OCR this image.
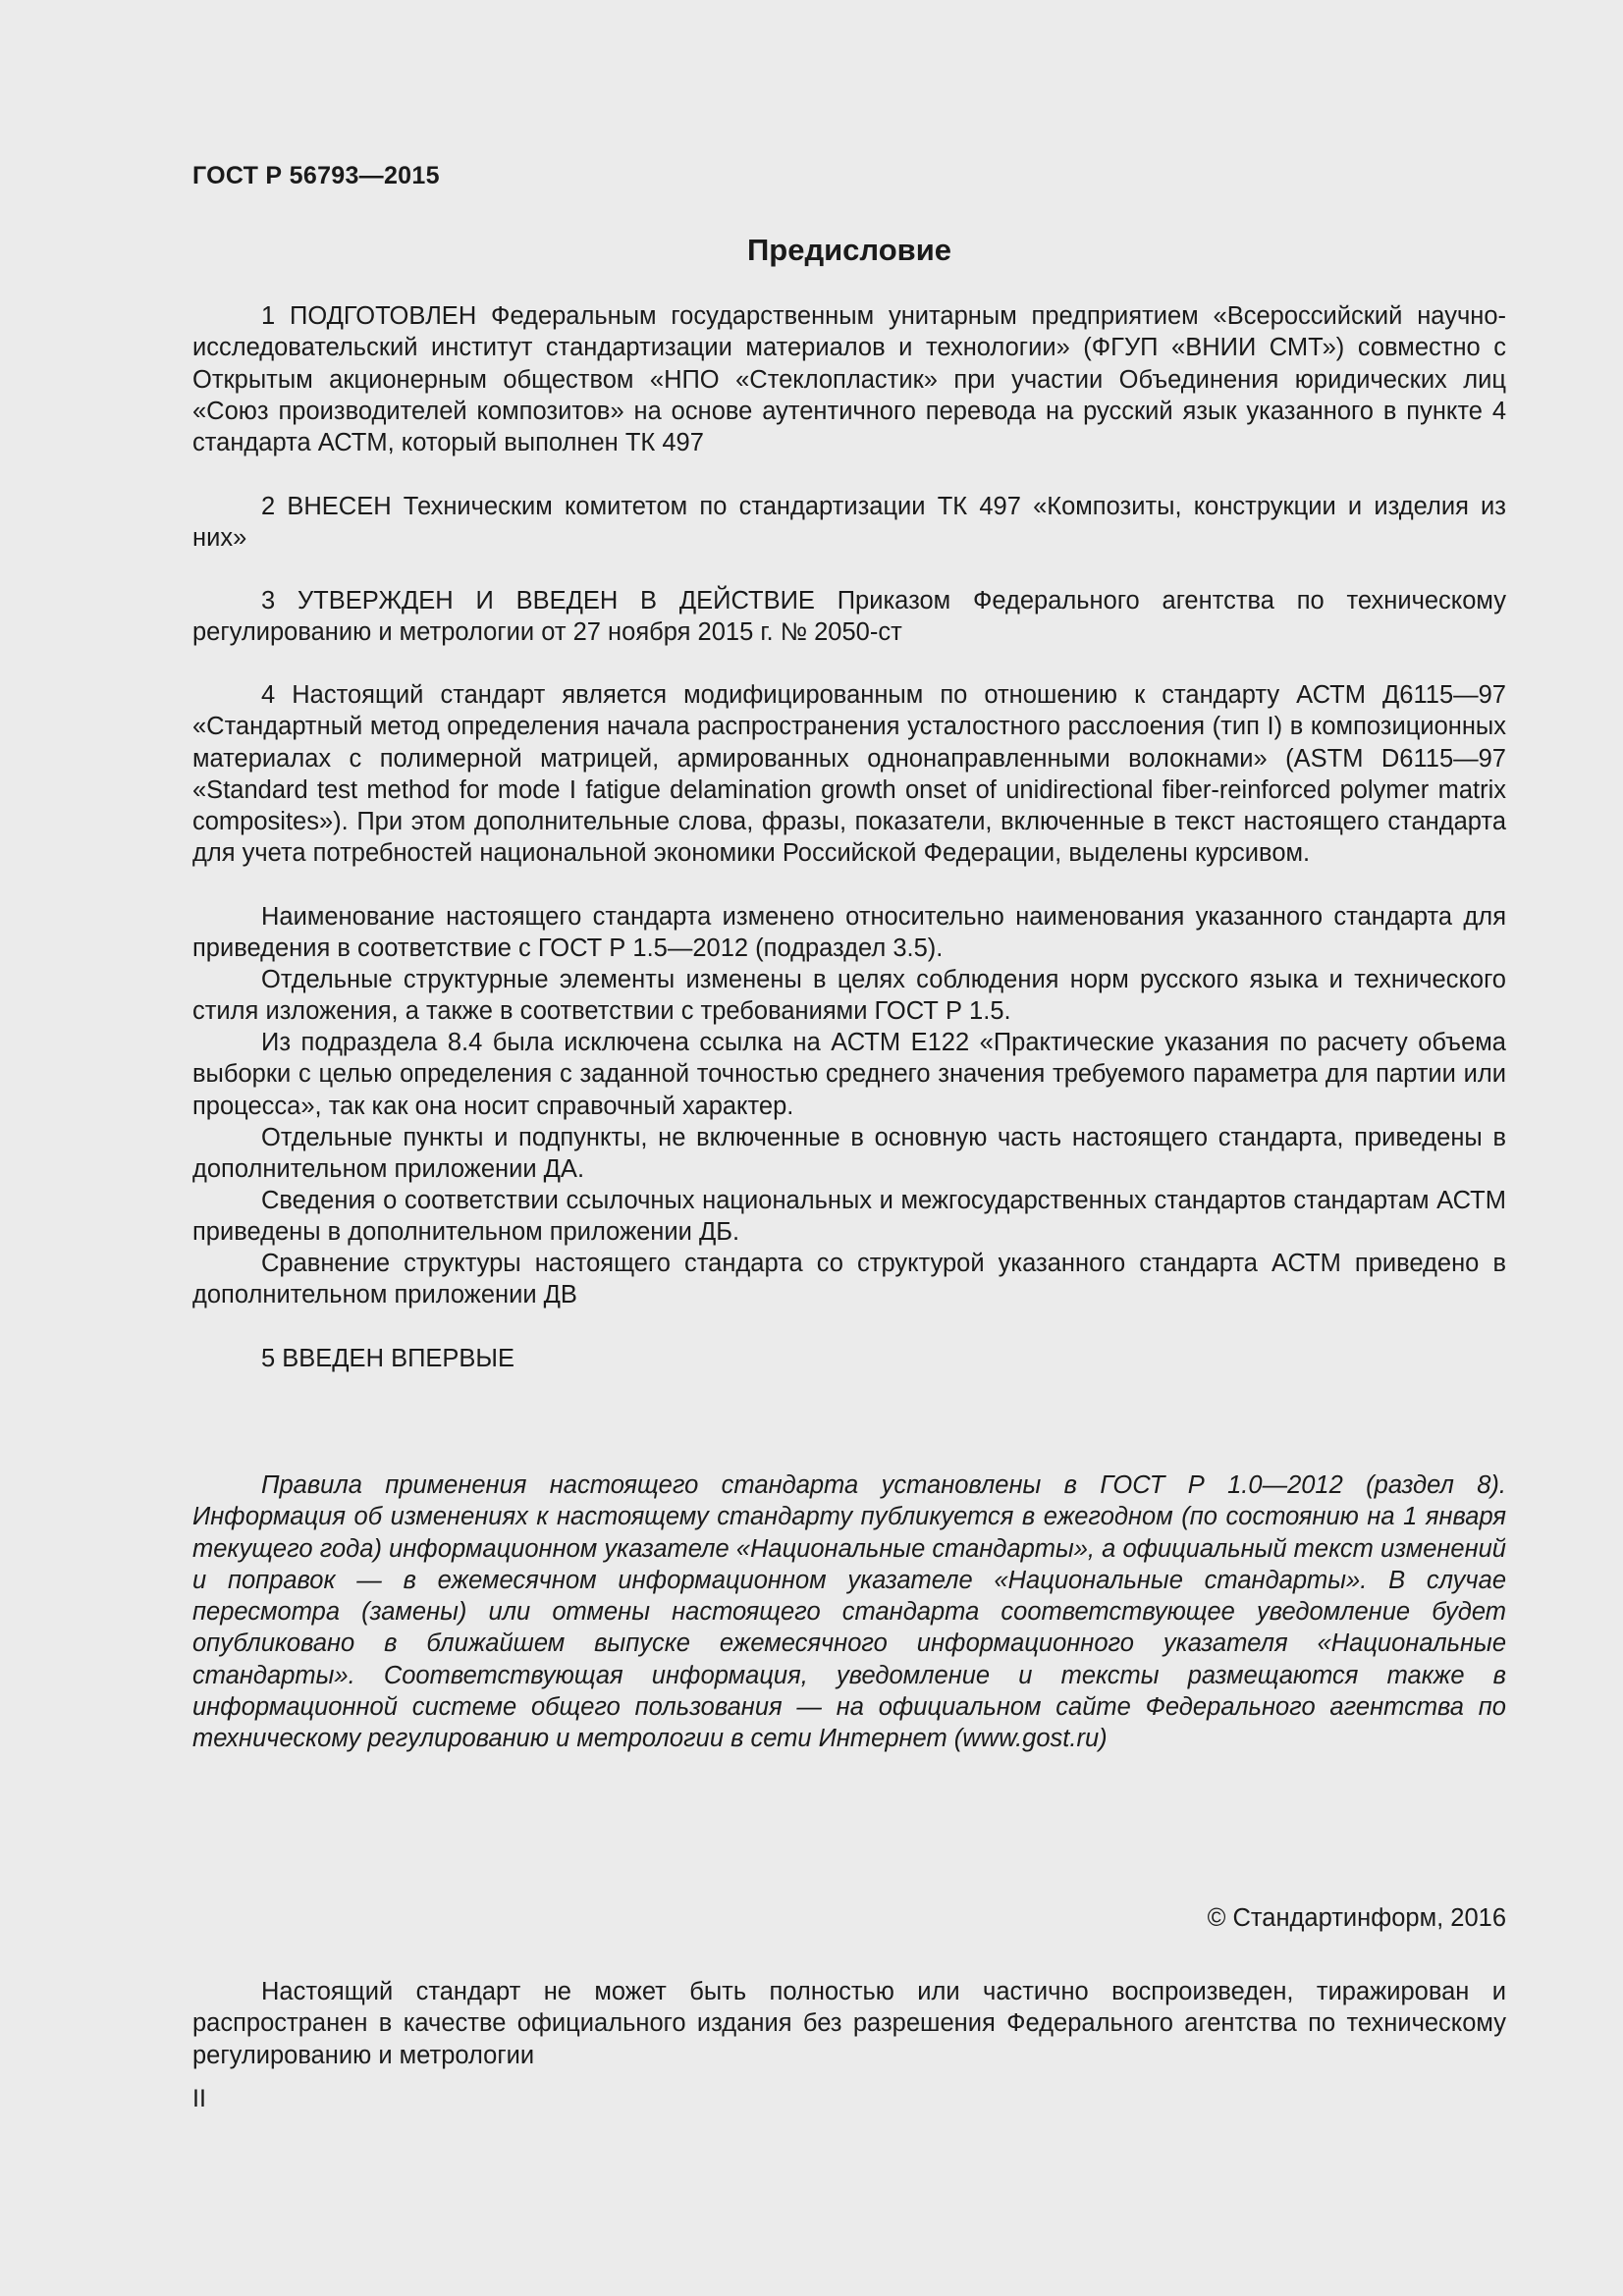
ГОСТ Р 56793—2015
Предисловие

1 ПОДГОТОВЛЕН Федеральным государственным унитарным предприятием «Всероссийский научно-исследовательский институт стандартизации материалов и технологии» (ФГУП «ВНИИ СМТ») совместно с Открытым акционерным обществом «НПО «Стеклопластик» при участии Объединения юридических лиц «Союз производителей композитов» на основе аутентичного перевода на русский язык указанного в пункте 4 стандарта АСТМ, который выполнен ТК 497

2 ВНЕСЕН Техническим комитетом по стандартизации ТК 497 «Композиты, конструкции и изделия из них»

3 УТВЕРЖДЕН И ВВЕДЕН В ДЕЙСТВИЕ Приказом Федерального агентства по техническому регулированию и метрологии от 27 ноября 2015 г. № 2050-ст

4 Настоящий стандарт является модифицированным по отношению к стандарту АСТМ Д6115—97 «Стандартный метод определения начала распространения усталостного расслоения (тип I) в композиционных материалах с полимерной матрицей, армированных однонаправленными волокнами» (ASTM D6115—97 «Standard test method for mode I fatigue delamination growth onset of unidirectional fiber-reinforced polymer matrix composites»). При этом дополнительные слова, фразы, показатели, включенные в текст настоящего стандарта для учета потребностей национальной экономики Российской Федерации, выделены курсивом.

Наименование настоящего стандарта изменено относительно наименования указанного стандарта для приведения в соответствие с ГОСТ Р 1.5—2012 (подраздел 3.5).

Отдельные структурные элементы изменены в целях соблюдения норм русского языка и технического стиля изложения, а также в соответствии с требованиями ГОСТ Р 1.5.

Из подраздела 8.4 была исключена ссылка на АСТМ Е122 «Практические указания по расчету объема выборки с целью определения с заданной точностью среднего значения требуемого параметра для партии или процесса», так как она носит справочный характер.

Отдельные пункты и подпункты, не включенные в основную часть настоящего стандарта, приведены в дополнительном приложении ДА.

Сведения о соответствии ссылочных национальных и межгосударственных стандартов стандартам АСТМ приведены в дополнительном приложении ДБ.

Сравнение структуры настоящего стандарта со структурой указанного стандарта АСТМ приведено в дополнительном приложении ДВ

5 ВВЕДЕН ВПЕРВЫЕ

Правила применения настоящего стандарта установлены в ГОСТ Р 1.0—2012 (раздел 8). Информация об изменениях к настоящему стандарту публикуется в ежегодном (по состоянию на 1 января текущего года) информационном указателе «Национальные стандарты», а официальный текст изменений и поправок — в ежемесячном информационном указателе «Национальные стандарты». В случае пересмотра (замены) или отмены настоящего стандарта соответствующее уведомление будет опубликовано в ближайшем выпуске ежемесячного информационного указателя «Национальные стандарты». Соответствующая информация, уведомление и тексты размещаются также в информационной системе общего пользования — на официальном сайте Федерального агентства по техническому регулированию и метрологии в сети Интернет (www.gost.ru)

© Стандартинформ, 2016

Настоящий стандарт не может быть полностью или частично воспроизведен, тиражирован и распространен в качестве официального издания без разрешения Федерального агентства по техническому регулированию и метрологии

II
